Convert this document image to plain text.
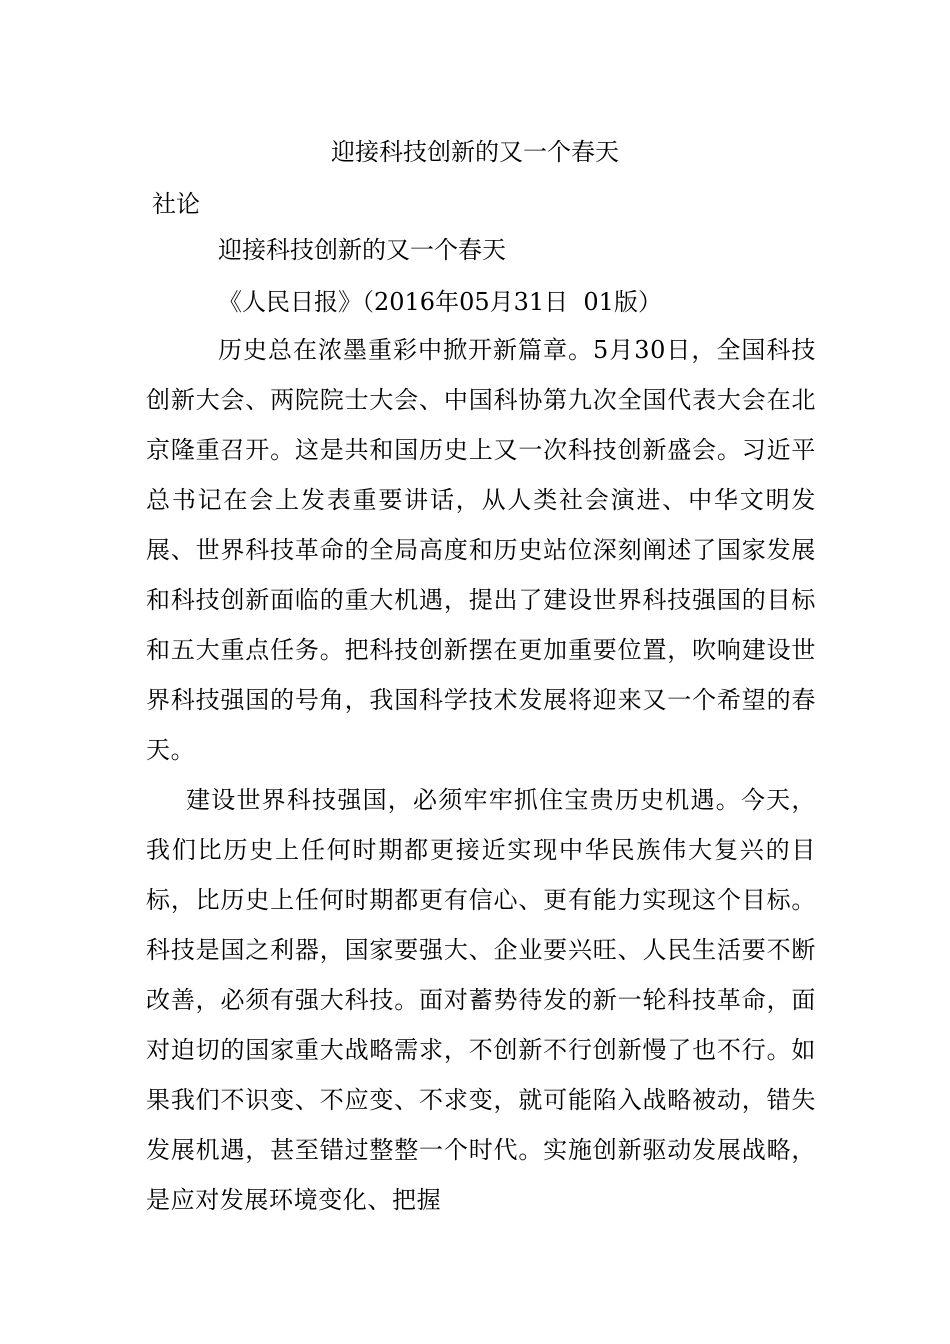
迎接科技创新的又一个春天
社论
迎接科技创新的又一个春天
《人民日报》（2016年05月31日  01版）

历史总在浓墨重彩中掀开新篇章。5月30日，全国科技创新大会、两院院士大会、中国科协第九次全国代表大会在北京隆重召开。这是共和国历史上又一次科技创新盛会。习近平总书记在会上发表重要讲话，从人类社会演进、中华文明发展、世界科技革命的全局高度和历史站位深刻阐述了国家发展和科技创新面临的重大机遇，提出了建设世界科技强国的目标和五大重点任务。把科技创新摆在更加重要位置，吹响建设世界科技强国的号角，我国科学技术发展将迎来又一个希望的春天。

建设世界科技强国，必须牢牢抓住宝贵历史机遇。今天，我们比历史上任何时期都更接近实现中华民族伟大复兴的目标，比历史上任何时期都更有信心、更有能力实现这个目标。科技是国之利器，国家要强大、企业要兴旺、人民生活要不断改善，必须有强大科技。面对蓄势待发的新一轮科技革命，面对迫切的国家重大战略需求，不创新不行创新慢了也不行。如果我们不识变、不应变、不求变，就可能陷入战略被动，错失发展机遇，甚至错过整整一个时代。实施创新驱动发展战略，是应对发展环境变化、把握
